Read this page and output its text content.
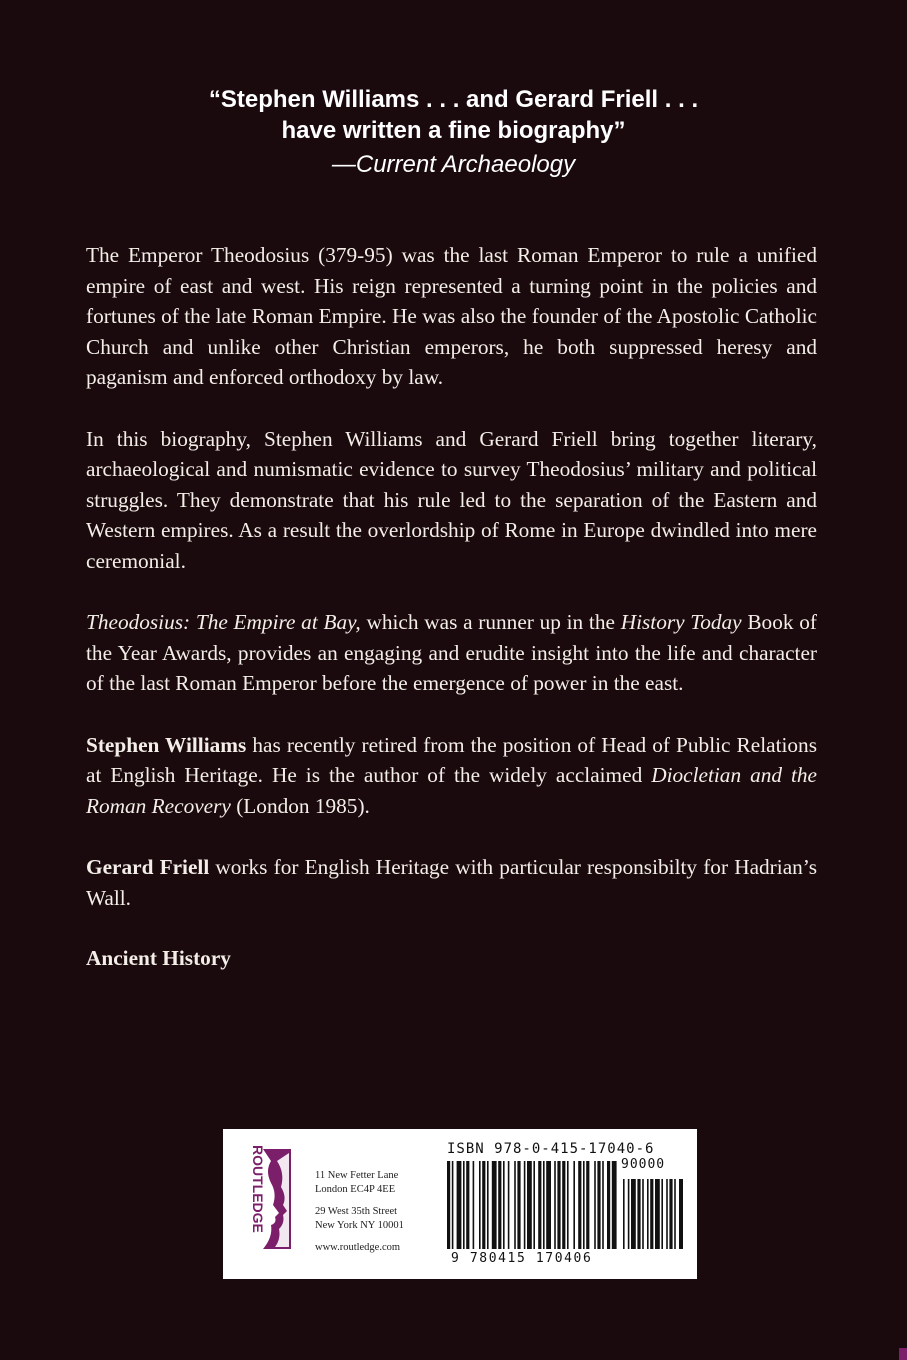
“Stephen Williams . . . and Gerard Friell . . .
have written a fine biography”
—Current Archaeology

The Emperor Theodosius (379-95) was the last Roman Emperor to rule a unified empire of east and west. His reign represented a turning point in the policies and fortunes of the late Roman Empire. He was also the founder of the Apostolic Catholic Church and unlike other Christian emperors, he both suppressed heresy and paganism and enforced orthodoxy by law.

In this biography, Stephen Williams and Gerard Friell bring together literary, archaeological and numismatic evidence to survey Theodosius’ military and political struggles. They demonstrate that his rule led to the separation of the Eastern and Western empires. As a result the overlordship of Rome in Europe dwindled into mere ceremonial.

Theodosius: The Empire at Bay, which was a runner up in the History Today Book of the Year Awards, provides an engaging and erudite insight into the life and character of the last Roman Emperor before the emergence of power in the east.

Stephen Williams has recently retired from the position of Head of Public Relations at English Heritage. He is the author of the widely acclaimed Diocletian and the Roman Recovery (London 1985).

Gerard Friell works for English Heritage with particular responsibilty for Hadrian’s Wall.

Ancient History
ROUTLEDGE	11 New Fetter Lane
London EC4P 4EE
29 West 35th Street
New York NY 10001
www.routledge.com
ISBN 978-0-415-17040-6
90000
9 780415 170406
